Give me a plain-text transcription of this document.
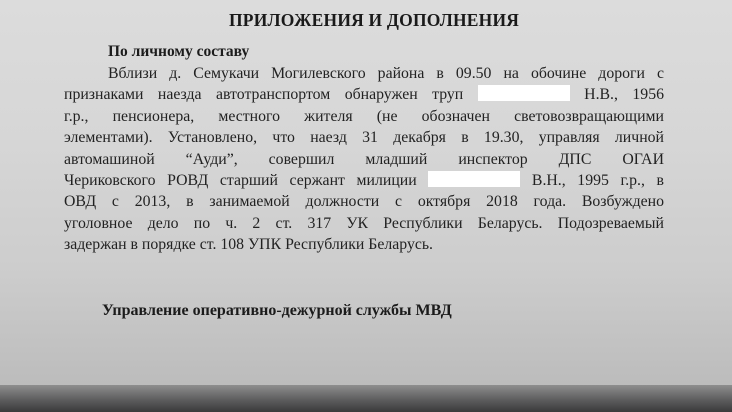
ПРИЛОЖЕНИЯ И ДОПОЛНЕНИЯ
По личному составу
Вблизи д. Семукачи Могилевского района в 09.50 на обочине дороги с
признаками наезда автотранспортом обнаружен труп	Н.В., 1956
г.р., пенсионера, местного жителя (не обозначен световозвращающими
элементами). Установлено, что наезд 31 декабря в 19.30, управляя личной
автомашиной “Ауди”, совершил младший инспектор ДПС ОГАИ
Чериковского РОВД старший сержант милиции	В.Н., 1995 г.р., в
ОВД с 2013, в занимаемой должности с октября 2018 года. Возбуждено
уголовное дело по ч. 2 ст. 317 УК Республики Беларусь. Подозреваемый
задержан в порядке ст. 108 УПК Республики Беларусь.
Управление оперативно-дежурной службы МВД
